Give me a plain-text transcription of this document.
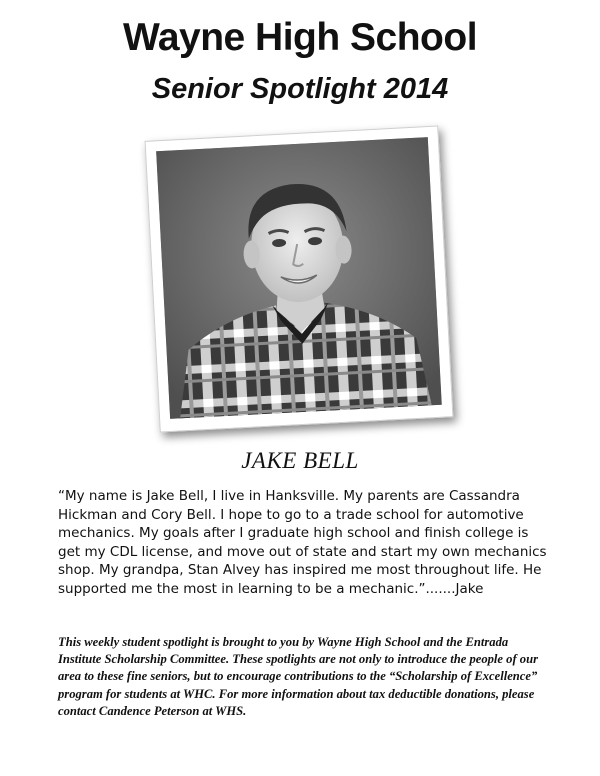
Wayne High School
Senior Spotlight 2014
JAKE BELL

“My name is Jake Bell, I live in Hanksville. My parents are Cassandra Hickman and Cory Bell. I hope to go to a trade school for automotive mechanics. My goals after I graduate high school and finish college is get my CDL license, and move out of state and start my own mechanics shop. My grandpa, Stan Alvey has inspired me most throughout life. He supported me the most in learning to be a mechanic.”.......Jake

This weekly student spotlight is brought to you by Wayne High School and the Entrada Institute Scholarship Committee. These spotlights are not only to introduce the people of our area to these fine seniors, but to encourage contributions to the “Scholarship of Excellence” program for students at WHC. For more information about tax deductible donations, please contact Candence Peterson at WHS.
